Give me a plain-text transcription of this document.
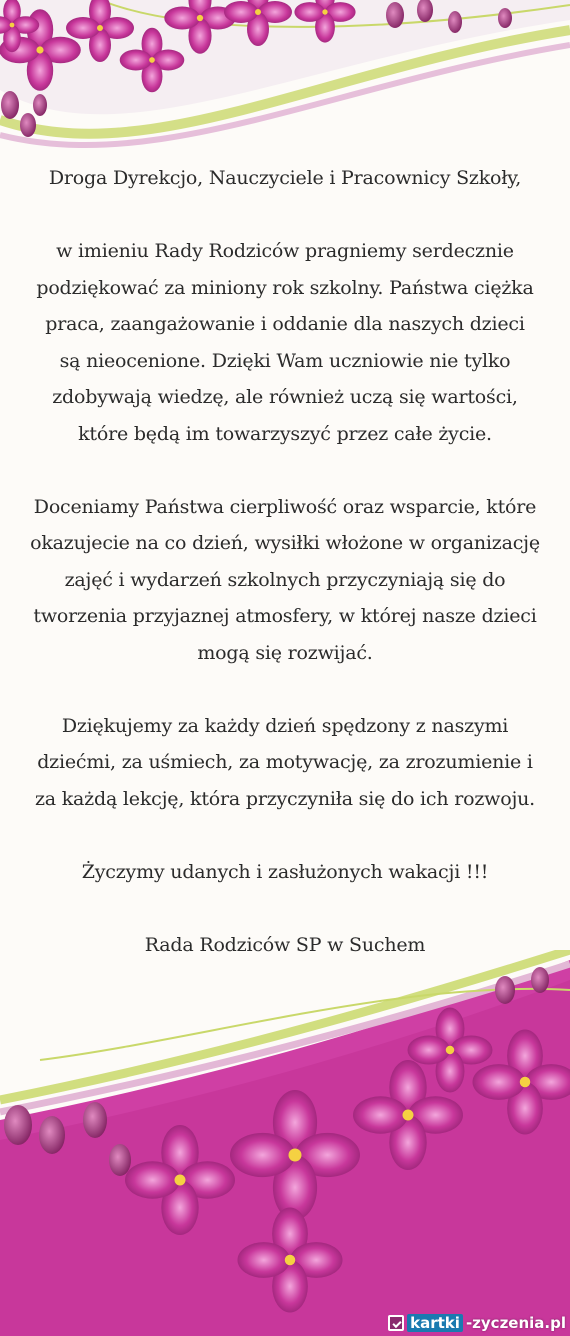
Droga Dyrekcjo, Nauczyciele i Pracownicy Szkoły,

w imieniu Rady Rodziców pragniemy serdecznie
podziękować za miniony rok szkolny. Państwa ciężka
praca, zaangażowanie i oddanie dla naszych dzieci
są nieocenione. Dzięki Wam uczniowie nie tylko
zdobywają wiedzę, ale również uczą się wartości,
które będą im towarzyszyć przez całe życie.

Doceniamy Państwa cierpliwość oraz wsparcie, które
okazujecie na co dzień, wysiłki włożone w organizację
zajęć i wydarzeń szkolnych przyczyniają się do
tworzenia przyjaznej atmosfery, w której nasze dzieci
mogą się rozwijać.

Dziękujemy za każdy dzień spędzony z naszymi
dziećmi, za uśmiech, za motywację, za zrozumienie i
za każdą lekcję, która przyczyniła się do ich rozwoju.

Życzymy udanych i zasłużonych wakacji !!!

Rada Rodziców SP w Suchem

kartki -zyczenia.pl
